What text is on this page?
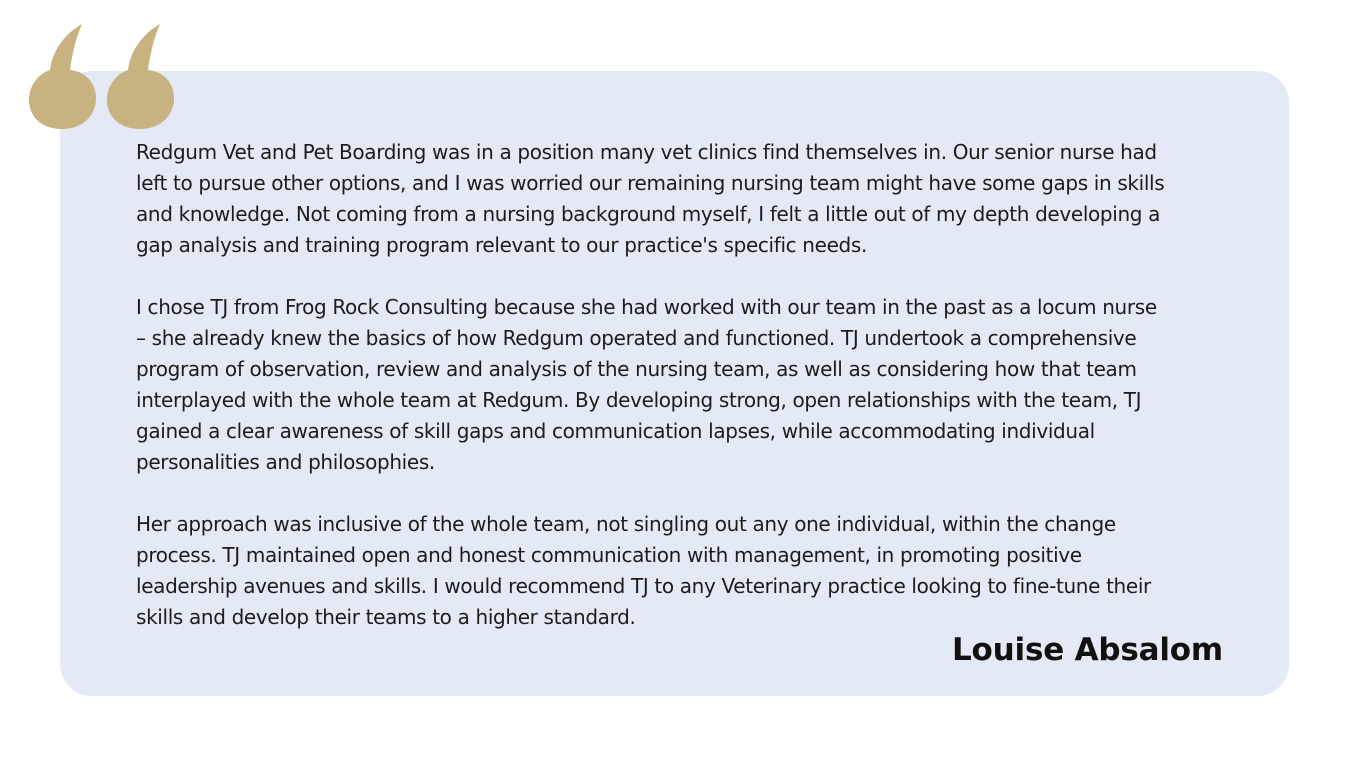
Redgum Vet and Pet Boarding was in a position many vet clinics find themselves in. Our senior nurse had
left to pursue other options, and I was worried our remaining nursing team might have some gaps in skills
and knowledge. Not coming from a nursing background myself, I felt a little out of my depth developing a
gap analysis and training program relevant to our practice's specific needs.

I chose TJ from Frog Rock Consulting because she had worked with our team in the past as a locum nurse
– she already knew the basics of how Redgum operated and functioned. TJ undertook a comprehensive
program of observation, review and analysis of the nursing team, as well as considering how that team
interplayed with the whole team at Redgum. By developing strong, open relationships with the team, TJ
gained a clear awareness of skill gaps and communication lapses, while accommodating individual
personalities and philosophies.

Her approach was inclusive of the whole team, not singling out any one individual, within the change
process. TJ maintained open and honest communication with management, in promoting positive
leadership avenues and skills. I would recommend TJ to any Veterinary practice looking to fine-tune their
skills and develop their teams to a higher standard.

Louise Absalom
